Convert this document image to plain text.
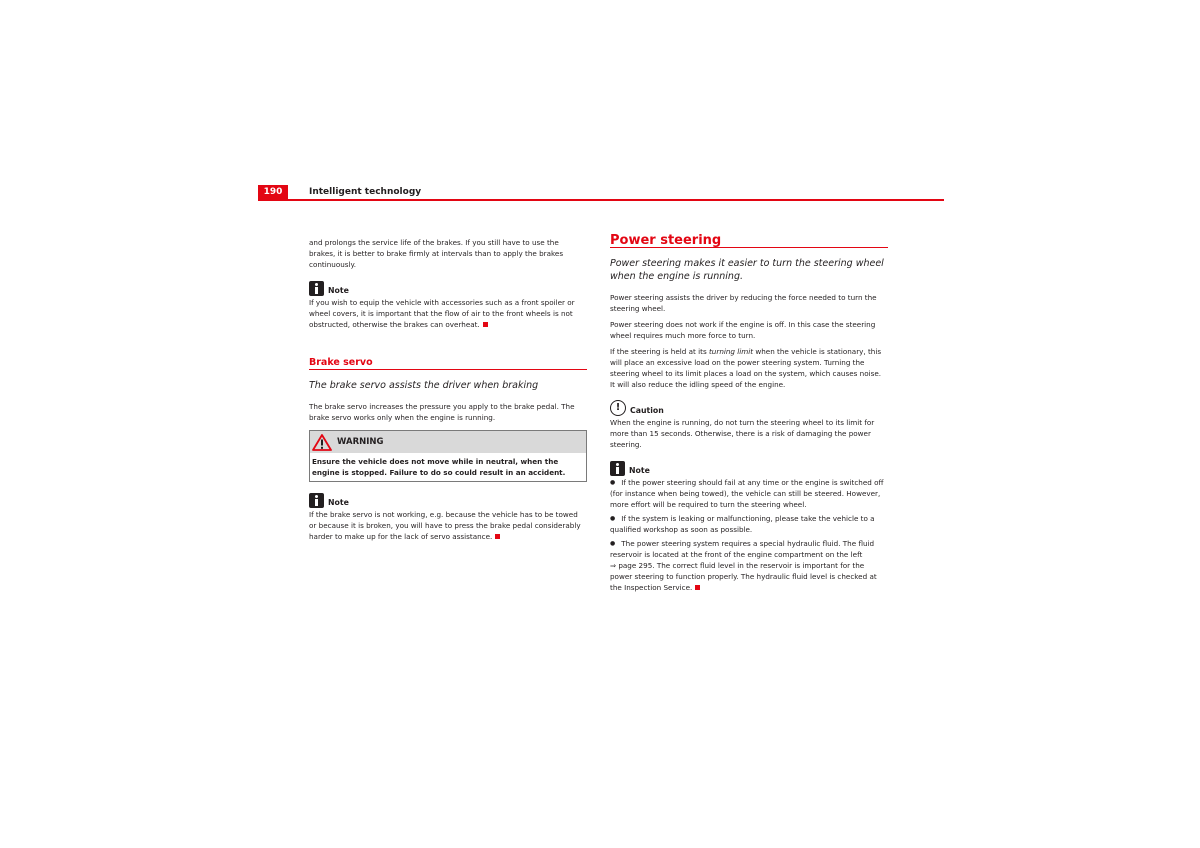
190	Intelligent technology

and prolongs the service life of the brakes. If you still have to use the brakes, it is better to brake firmly at intervals than to apply the brakes continuously.

Note

If you wish to equip the vehicle with accessories such as a front spoiler or wheel covers, it is important that the flow of air to the front wheels is not obstructed, otherwise the brakes can overheat.

Brake servo
The brake servo assists the driver when braking

The brake servo increases the pressure you apply to the brake pedal. The brake servo works only when the engine is running.

WARNING
Ensure the vehicle does not move while in neutral, when the engine is stopped. Failure to do so could result in an accident.
Note

If the brake servo is not working, e.g. because the vehicle has to be towed or because it is broken, you will have to press the brake pedal considerably harder to make up for the lack of servo assistance.

Power steering
Power steering makes it easier to turn the steering wheel when the engine is running.

Power steering assists the driver by reducing the force needed to turn the steering wheel.

Power steering does not work if the engine is off. In this case the steering wheel requires much more force to turn.

If the steering is held at its turning limit when the vehicle is stationary, this will place an excessive load on the power steering system. Turning the steering wheel to its limit places a load on the system, which causes noise. It will also reduce the idling speed of the engine.

!	Caution

When the engine is running, do not turn the steering wheel to its limit for more than 15 seconds. Otherwise, there is a risk of damaging the power steering.

Note

● If the power steering should fail at any time or the engine is switched off (for instance when being towed), the vehicle can still be steered. However, more effort will be required to turn the steering wheel.

● If the system is leaking or malfunctioning, please take the vehicle to a qualified workshop as soon as possible.

● The power steering system requires a special hydraulic fluid. The fluid reservoir is located at the front of the engine compartment on the left
⇒ page 295. The correct fluid level in the reservoir is important for the power steering to function properly. The hydraulic fluid level is checked at the Inspection Service.
